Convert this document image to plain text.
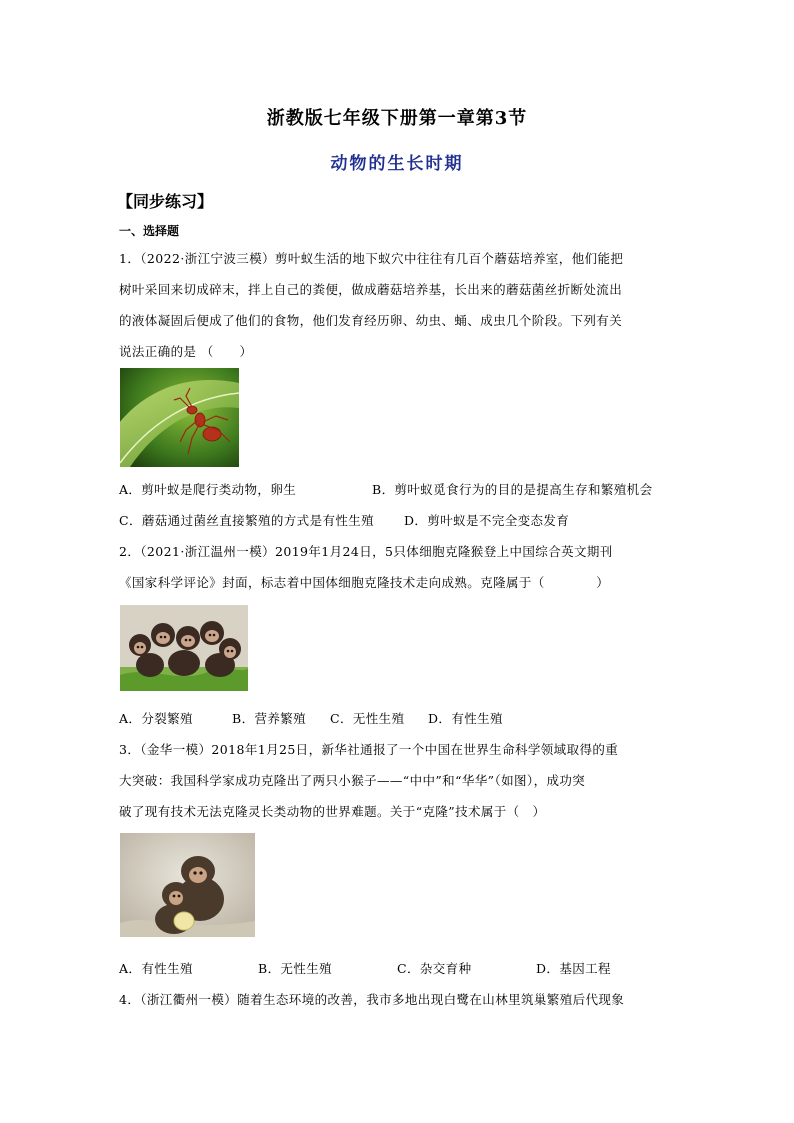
浙教版七年级下册第一章第3节
动物的生长时期
【同步练习】
一、选择题
1．（2022·浙江宁波三模）剪叶蚁生活的地下蚁穴中往往有几百个蘑菇培养室，他们能把
树叶采回来切成碎末，拌上自己的粪便，做成蘑菇培养基，长出来的蘑菇菌丝折断处流出
的液体凝固后便成了他们的食物，他们发育经历卵、幼虫、蛹、成虫几个阶段。下列有关
说法正确的是 （　　）
A．剪叶蚁是爬行类动物，卵生	B．剪叶蚁觅食行为的目的是提高生存和繁殖机会
C．蘑菇通过菌丝直接繁殖的方式是有性生殖 D．剪叶蚁是不完全变态发育
2．（2021·浙江温州一模）2019年1月24日，5只体细胞克隆猴登上中国综合英文期刊
《国家科学评论》封面，标志着中国体细胞克隆技术走向成熟。克隆属于（　　　　）
A．分裂繁殖	B．营养繁殖 C．无性生殖 D．有性生殖
3．（金华一模）2018年1月25日，新华社通报了一个中国在世界生命科学领域取得的重
大突破：我国科学家成功克隆出了两只小猴子——“中中”和“华华”（如图），成功突
破了现有技术无法克隆灵长类动物的世界难题。关于“克隆”技术属于（　）
A．有性生殖	B．无性生殖	C．杂交育种	D．基因工程
4．（浙江衢州一模）随着生态环境的改善，我市多地出现白鹭在山林里筑巢繁殖后代现象
